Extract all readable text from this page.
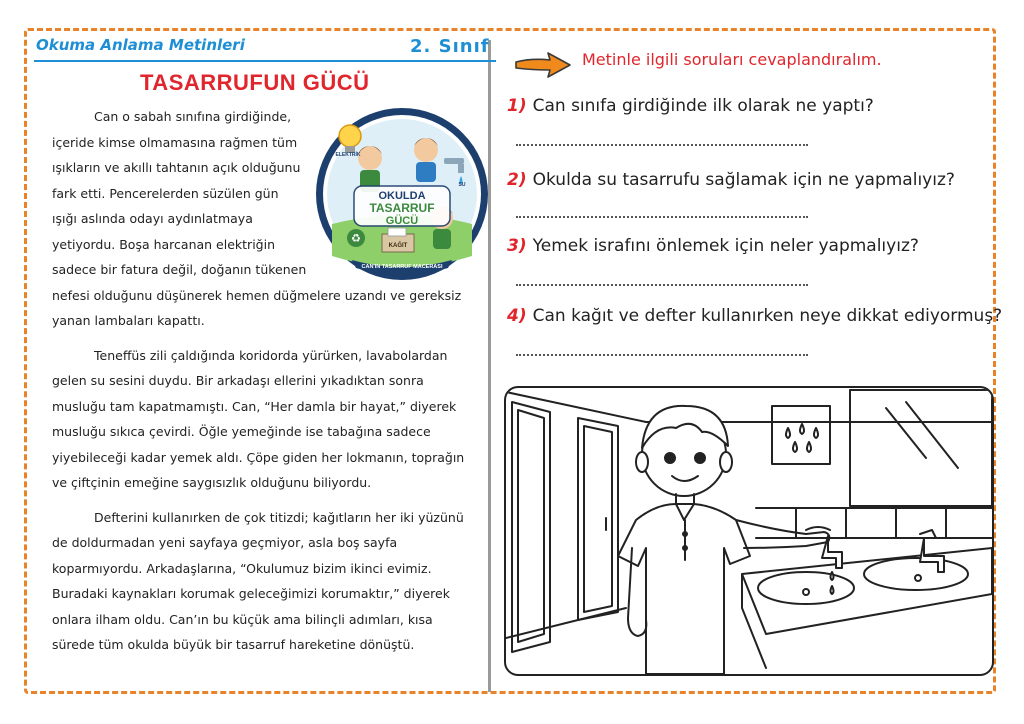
Okuma Anlama Metinleri	2. Sınıf
TASARRUFUN GÜCÜ
OKULDA
TASARRUF
GÜCÜ
♻
KAĞIT
ELEKTRİK
SU
CAN'IN TASARRUF MACERASI

Can o sabah sınıfına girdiğinde, içeride kimse olmamasına rağmen tüm ışıkların ve akıllı tahtanın açık olduğunu fark etti. Pencerelerden süzülen gün ışığı aslında odayı aydınlatmaya yetiyordu. Boşa harcanan elektriğin sadece bir fatura değil, doğanın tükenen nefesi olduğunu düşünerek hemen düğmelere uzandı ve gereksiz yanan lambaları kapattı.

Teneffüs zili çaldığında koridorda yürürken, lavabolardan gelen su sesini duydu. Bir arkadaşı ellerini yıkadıktan sonra musluğu tam kapatmamıştı. Can, “Her damla bir hayat,” diyerek musluğu sıkıca çevirdi. Öğle yemeğinde ise tabağına sadece yiyebileceği kadar yemek aldı. Çöpe giden her lokmanın, toprağın ve çiftçinin emeğine saygısızlık olduğunu biliyordu.

Defterini kullanırken de çok titizdi; kağıtların her iki yüzünü de doldurmadan yeni sayfaya geçmiyor, asla boş sayfa koparmıyordu. Arkadaşlarına, “Okulumuz bizim ikinci evimiz. Buradaki kaynakları korumak geleceğimizi korumaktır,” diyerek onlara ilham oldu. Can’ın bu küçük ama bilinçli adımları, kısa sürede tüm okulda büyük bir tasarruf hareketine dönüştü.

Metinle ilgili soruları cevaplandıralım.
1) Can sınıfa girdiğinde ilk olarak ne yaptı?
2) Okulda su tasarrufu sağlamak için ne yapmalıyız?
3) Yemek israfını önlemek için neler yapmalıyız?
4) Can kağıt ve defter kullanırken neye dikkat ediyormuş?
